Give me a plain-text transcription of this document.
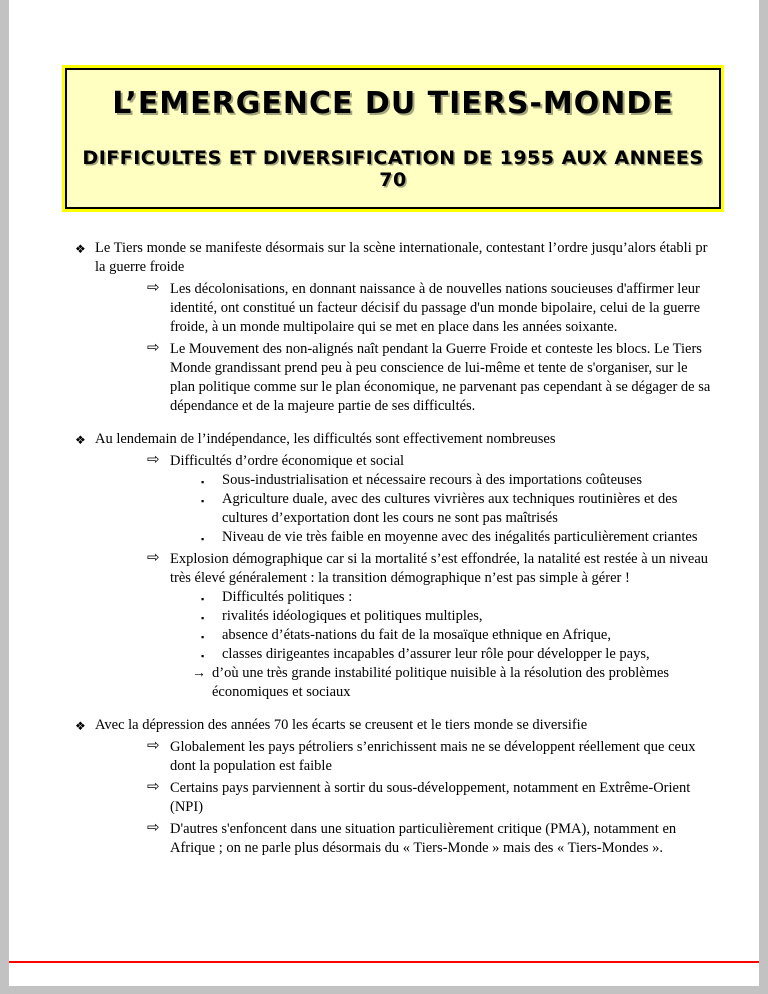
L’EMERGENCE DU TIERS-MONDE
DIFFICULTES ET DIVERSIFICATION DE 1955 AUX ANNEES 70
❖ Le Tiers monde se manifeste désormais sur la scène internationale, contestant l’ordre jusqu’alors établi pr la guerre froide
⇨ Les décolonisations, en donnant naissance à de nouvelles nations soucieuses d'affirmer leur identité, ont constitué un facteur décisif du passage d'un monde bipolaire, celui de la guerre froide, à un monde multipolaire qui se met en place dans les années soixante.
⇨ Le Mouvement des non-alignés naît pendant la Guerre Froide et conteste les blocs. Le Tiers Monde grandissant prend peu à peu conscience de lui-même et tente de s'organiser, sur le plan politique comme sur le plan économique, ne parvenant pas cependant à se dégager de sa dépendance et de la majeure partie de ses difficultés.
❖ Au lendemain de l’indépendance, les difficultés sont effectivement nombreuses
⇨ Difficultés d’ordre économique et social
▪ Sous-industrialisation et nécessaire recours à des importations coûteuses
▪ Agriculture duale, avec des cultures vivrières aux techniques routinières et des cultures d’exportation dont les cours ne sont pas maîtrisés
▪ Niveau de vie très faible en moyenne avec des inégalités particulièrement criantes
⇨ Explosion démographique car si la mortalité s’est effondrée, la natalité est restée à un niveau très élevé généralement : la transition démographique n’est pas simple à gérer !
▪ Difficultés politiques :
▪ rivalités idéologiques et politiques multiples,
▪ absence d’états-nations du fait de la mosaïque ethnique en Afrique,
▪ classes dirigeantes incapables d’assurer leur rôle pour développer le pays,
→ d’où une très grande instabilité politique nuisible à la résolution des problèmes économiques et sociaux
❖ Avec la dépression des années 70 les écarts se creusent et le tiers monde se diversifie
⇨ Globalement les pays pétroliers s’enrichissent mais ne se développent réellement que ceux dont la population est faible
⇨ Certains pays parviennent à sortir du sous-développement, notamment en Extrême-Orient (NPI)
⇨ D'autres s'enfoncent dans une situation particulièrement critique (PMA), notamment en Afrique ; on ne parle plus désormais du « Tiers-Monde » mais des « Tiers-Mondes ».
